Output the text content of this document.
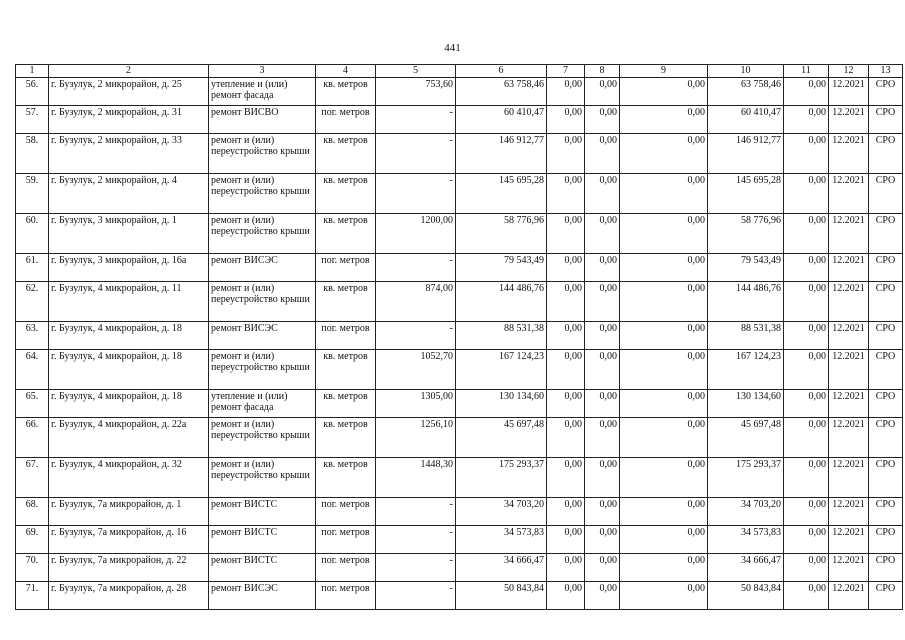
441
1	2	3	4	5	6	7	8	9	10	11	12	13
56.	г. Бузулук, 2 микрорайон, д. 25	утепление и (или) ремонт фасада	кв. метров	753,60	63 758,46	0,00	0,00	0,00	63 758,46	0,00	12.2021	СРО
57.	г. Бузулук, 2 микрорайон, д. 31	ремонт ВИСВО	пог. метров	-	60 410,47	0,00	0,00	0,00	60 410,47	0,00	12.2021	СРО
58.	г. Бузулук, 2 микрорайон, д. 33	ремонт и (или) переустройство крыши	кв. метров	-	146 912,77	0,00	0,00	0,00	146 912,77	0,00	12.2021	СРО
59.	г. Бузулук, 2 микрорайон, д. 4	ремонт и (или) переустройство крыши	кв. метров	-	145 695,28	0,00	0,00	0,00	145 695,28	0,00	12.2021	СРО
60.	г. Бузулук, 3 микрорайон, д. 1	ремонт и (или) переустройство крыши	кв. метров	1200,00	58 776,96	0,00	0,00	0,00	58 776,96	0,00	12.2021	СРО
61.	г. Бузулук, 3 микрорайон, д. 16а	ремонт ВИСЭС	пог. метров	-	79 543,49	0,00	0,00	0,00	79 543,49	0,00	12.2021	СРО
62.	г. Бузулук, 4 микрорайон, д. 11	ремонт и (или) переустройство крыши	кв. метров	874,00	144 486,76	0,00	0,00	0,00	144 486,76	0,00	12.2021	СРО
63.	г. Бузулук, 4 микрорайон, д. 18	ремонт ВИСЭС	пог. метров	-	88 531,38	0,00	0,00	0,00	88 531,38	0,00	12.2021	СРО
64.	г. Бузулук, 4 микрорайон, д. 18	ремонт и (или) переустройство крыши	кв. метров	1052,70	167 124,23	0,00	0,00	0,00	167 124,23	0,00	12.2021	СРО
65.	г. Бузулук, 4 микрорайон, д. 18	утепление и (или) ремонт фасада	кв. метров	1305,00	130 134,60	0,00	0,00	0,00	130 134,60	0,00	12.2021	СРО
66.	г. Бузулук, 4 микрорайон, д. 22а	ремонт и (или) переустройство крыши	кв. метров	1256,10	45 697,48	0,00	0,00	0,00	45 697,48	0,00	12.2021	СРО
67.	г. Бузулук, 4 микрорайон, д. 32	ремонт и (или) переустройство крыши	кв. метров	1448,30	175 293,37	0,00	0,00	0,00	175 293,37	0,00	12.2021	СРО
68.	г. Бузулук, 7а микрорайон, д. 1	ремонт ВИСТС	пог. метров	-	34 703,20	0,00	0,00	0,00	34 703,20	0,00	12.2021	СРО
69.	г. Бузулук, 7а микрорайон, д. 16	ремонт ВИСТС	пог. метров	-	34 573,83	0,00	0,00	0,00	34 573,83	0,00	12.2021	СРО
70.	г. Бузулук, 7а микрорайон, д. 22	ремонт ВИСТС	пог. метров	-	34 666,47	0,00	0,00	0,00	34 666,47	0,00	12.2021	СРО
71.	г. Бузулук, 7а микрорайон, д. 28	ремонт ВИСЭС	пог. метров	-	50 843,84	0,00	0,00	0,00	50 843,84	0,00	12.2021	СРО
